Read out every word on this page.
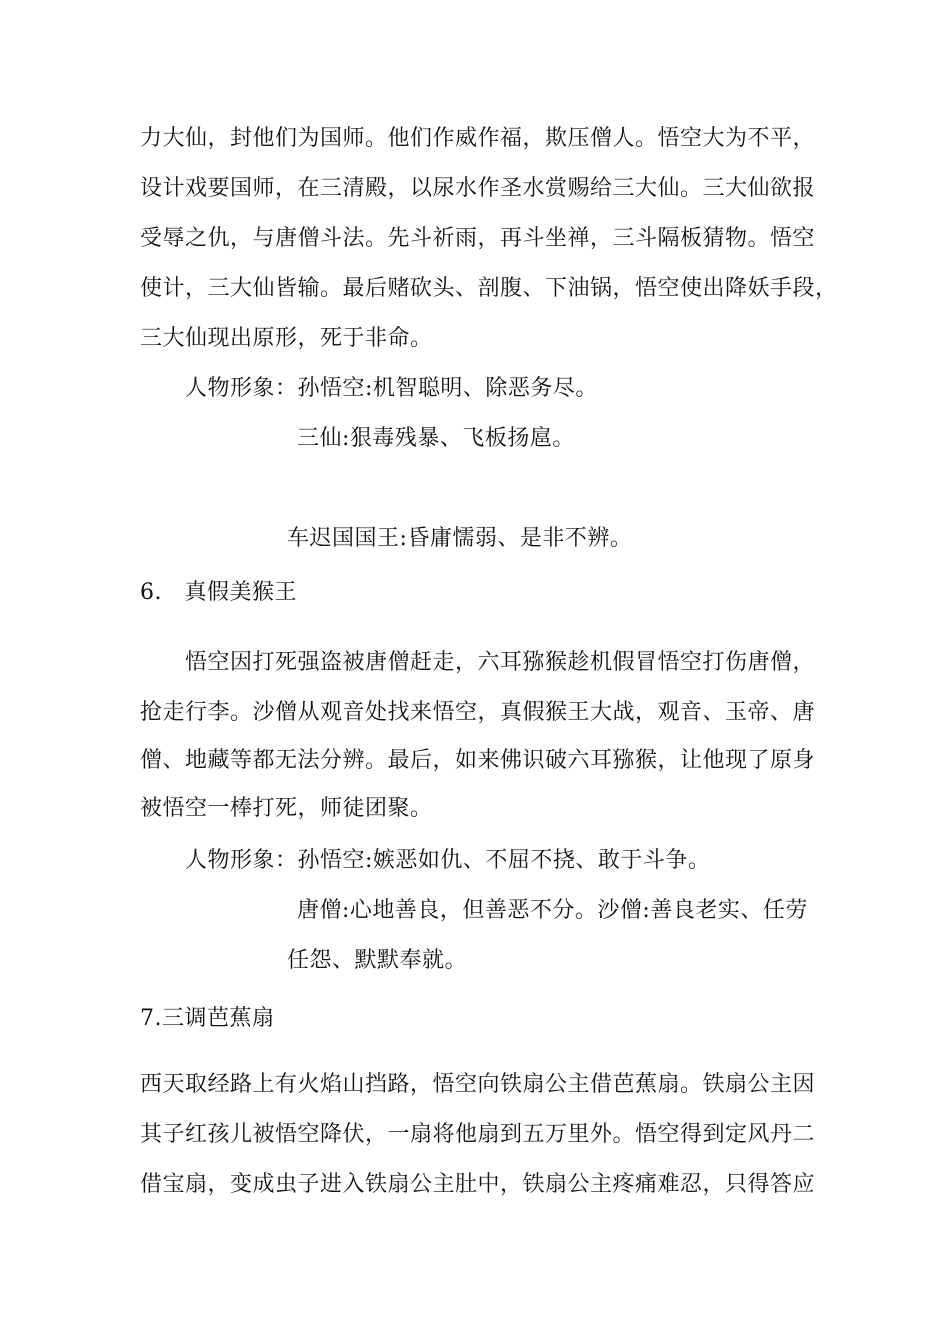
力大仙，封他们为国师。他们作威作福，欺压僧人。悟空大为不平，
设计戏要国师，在三清殿，以尿水作圣水赏赐给三大仙。三大仙欲报
受辱之仇，与唐僧斗法。先斗祈雨，再斗坐禅，三斗隔板猜物。悟空
使计，三大仙皆输。最后赌砍头、剖腹、下油锅，悟空使出降妖手段，
三大仙现出原形，死于非命。
人物形象：孙悟空:机智聪明、除恶务尽。
三仙:狠毒残暴、飞板扬扈。
车迟国国王:昏庸懦弱、是非不辨。
6.   真假美猴王
悟空因打死强盗被唐僧赶走，六耳猕猴趁机假冒悟空打伤唐僧，
抢走行李。沙僧从观音处找来悟空，真假猴王大战，观音、玉帝、唐
僧、地藏等都无法分辨。最后，如来佛识破六耳猕猴，让他现了原身
被悟空一棒打死，师徒团聚。
人物形象：孙悟空:嫉恶如仇、不屈不挠、敢于斗争。
唐僧:心地善良，但善恶不分。沙僧:善良老实、任劳
任怨、默默奉就。
7.三调芭蕉扇
西天取经路上有火焰山挡路，悟空向铁扇公主借芭蕉扇。铁扇公主因
其子红孩儿被悟空降伏，一扇将他扇到五万里外。悟空得到定风丹二
借宝扇，变成虫子进入铁扇公主肚中，铁扇公主疼痛难忍，只得答应
